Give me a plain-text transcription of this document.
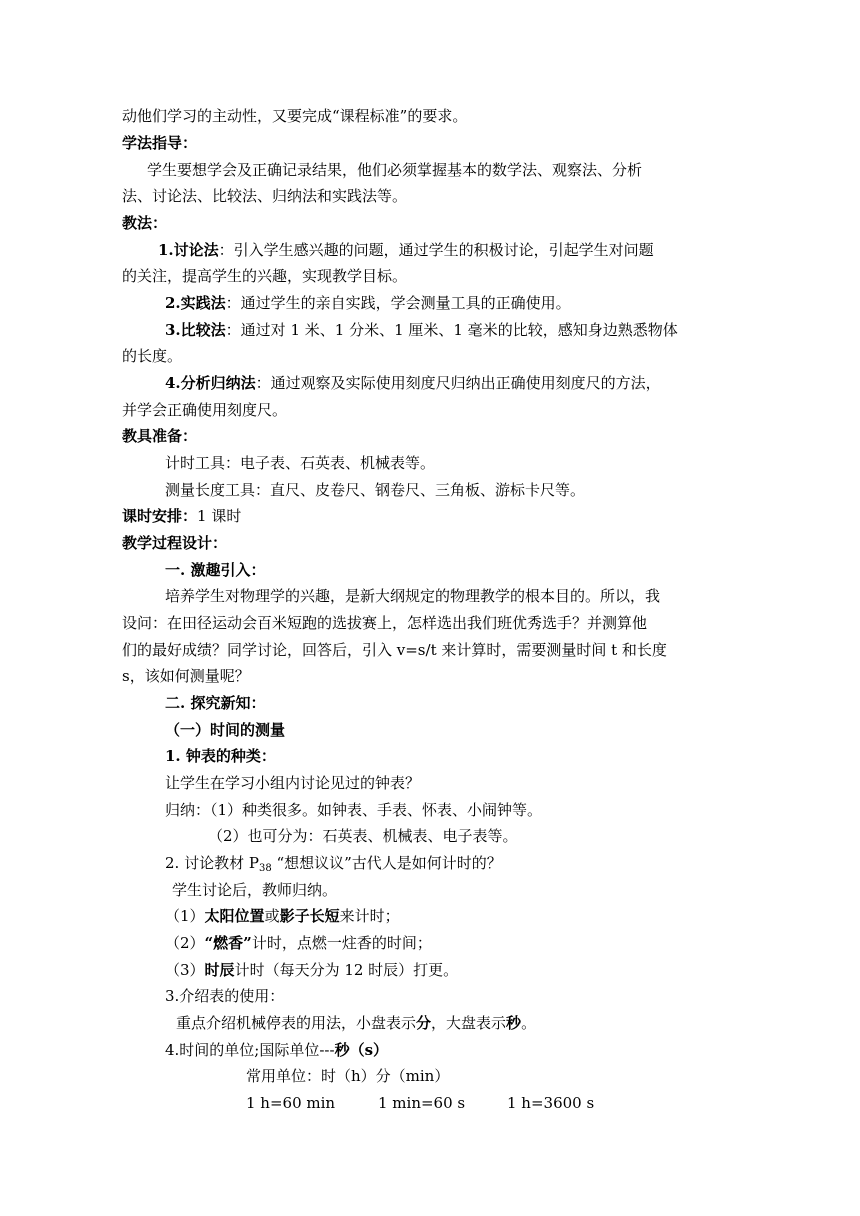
动他们学习的主动性，又要完成“课程标准”的要求。
学法指导：
学生要想学会及正确记录结果，他们必须掌握基本的数学法、观察法、分析
法、讨论法、比较法、归纳法和实践法等。
教法：
1.讨论法：引入学生感兴趣的问题，通过学生的积极讨论，引起学生对问题
的关注，提高学生的兴趣，实现教学目标。
2.实践法：通过学生的亲自实践，学会测量工具的正确使用。
3.比较法：通过对 1 米、1 分米、1 厘米、1 毫米的比较，感知身边熟悉物体
的长度。
4.分析归纳法：通过观察及实际使用刻度尺归纳出正确使用刻度尺的方法，
并学会正确使用刻度尺。
教具准备：
计时工具：电子表、石英表、机械表等。
测量长度工具：直尺、皮卷尺、钢卷尺、三角板、游标卡尺等。
课时安排：1 课时
教学过程设计：
一. 激趣引入：
培养学生对物理学的兴趣，是新大纲规定的物理教学的根本目的。所以，我
设问：在田径运动会百米短跑的选拔赛上，怎样选出我们班优秀选手？并测算他
们的最好成绩？同学讨论，回答后，引入 v=s/t 来计算时，需要测量时间 t 和长度
s，该如何测量呢？
二. 探究新知：
（一）时间的测量
1. 钟表的种类：
让学生在学习小组内讨论见过的钟表？
归纳：（1）种类很多。如钟表、手表、怀表、小闹钟等。
（2）也可分为：石英表、机械表、电子表等。
2. 讨论教材 $P_{38}$ “想想议议”古代人是如何计时的？
学生讨论后，教师归纳。
（1）太阳位置或影子长短来计时；
（2）“燃香”计时，点燃一炷香的时间；
（3）时辰计时（每天分为 12 时辰）打更。
3.介绍表的使用：
重点介绍机械停表的用法，小盘表示分，大盘表示秒。
4.时间的单位;国际单位---秒（s）
常用单位：时（h）分（min）
1 h=60 min	1 min=60 s	1 h=3600 s
